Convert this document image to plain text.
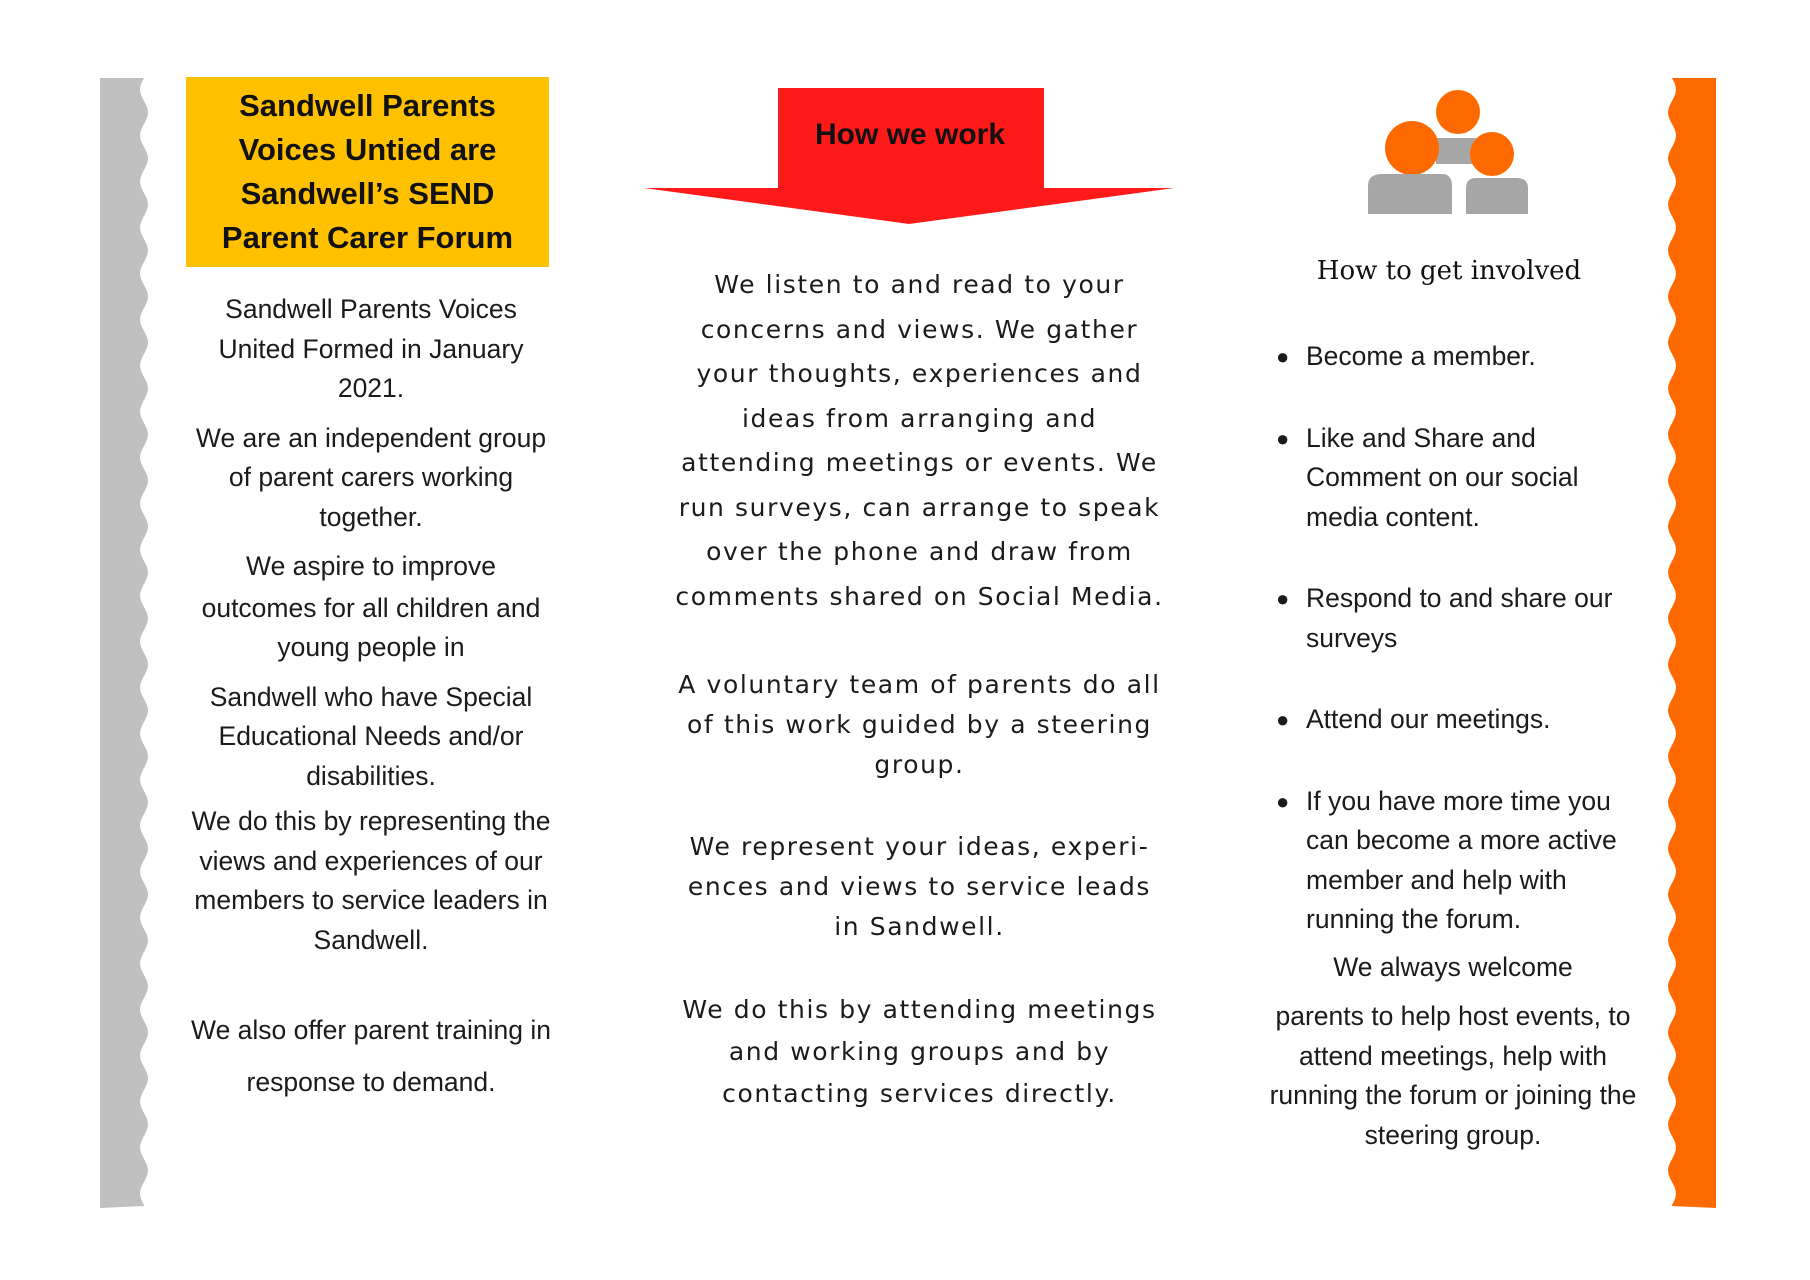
Sandwell Parents
Voices Untied are
Sandwell’s SEND
Parent Carer Forum

Sandwell Parents Voices United Formed in January 2021.

We are an independent group of parent carers working together.

We aspire to improve

outcomes for all children and young people in

Sandwell who have Special Educational Needs and/or disabilities.

We do this by representing the views and experiences of our members to service leaders in Sandwell.

We also offer parent training in response to demand.

How we work

We listen to and read to your concerns and views. We gather your thoughts, experiences and ideas from arranging and attending meetings or events. We run surveys, can arrange to speak over the phone and draw from comments shared on Social Media.

A voluntary team of parents do all of this work guided by a steering group.

We represent your ideas, experi-ences and views to service leads in Sandwell.

We do this by attending meetings and working groups and by contacting services directly.

How to get involved
● Become a member.
● Like and Share and Comment on our social media content.
● Respond to and share our surveys
● Attend our meetings.
● If you have more time you can become a more active member and help with running the forum.

We always welcome
parents to help host events, to attend meetings, help with running the forum or joining the steering group.
